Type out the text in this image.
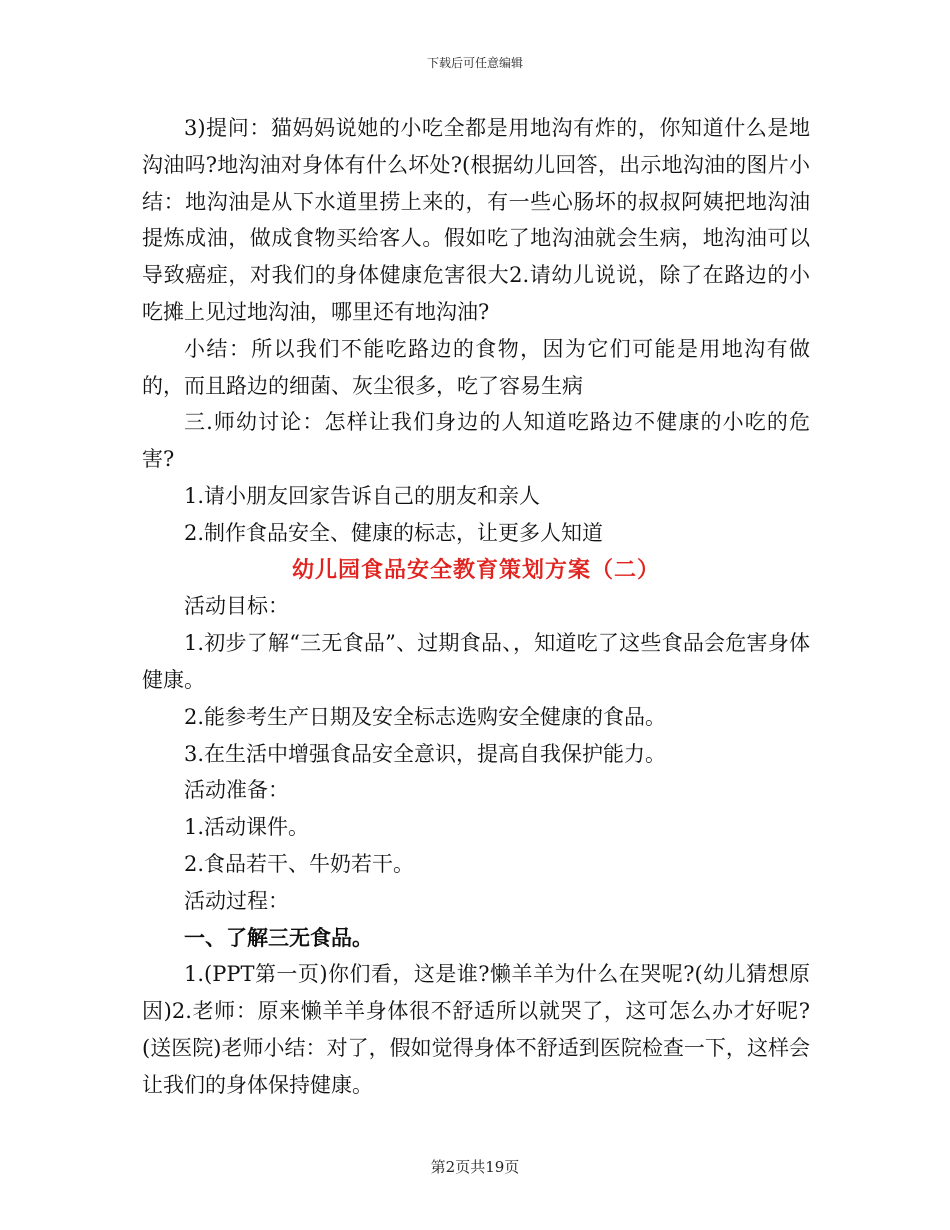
下载后可任意编辑

3)提问：猫妈妈说她的小吃全都是用地沟有炸的，你知道什么是地沟油吗?地沟油对身体有什么坏处?(根据幼儿回答，出示地沟油的图片小结：地沟油是从下水道里捞上来的，有一些心肠坏的叔叔阿姨把地沟油提炼成油，做成食物买给客人。假如吃了地沟油就会生病，地沟油可以导致癌症，对我们的身体健康危害很大2.请幼儿说说，除了在路边的小吃摊上见过地沟油，哪里还有地沟油?

小结：所以我们不能吃路边的食物，因为它们可能是用地沟有做的，而且路边的细菌、灰尘很多，吃了容易生病

三.师幼讨论：怎样让我们身边的人知道吃路边不健康的小吃的危害?

1.请小朋友回家告诉自己的朋友和亲人

2.制作食品安全、健康的标志，让更多人知道

幼儿园食品安全教育策划方案（二）

活动目标：

1.初步了解“三无食品”、过期食品、，知道吃了这些食品会危害身体健康。

2.能参考生产日期及安全标志选购安全健康的食品。

3.在生活中增强食品安全意识，提高自我保护能力。

活动准备：

1.活动课件。

2.食品若干、牛奶若干。

活动过程：

一、了解三无食品。

1.(PPT第一页)你们看，这是谁?懒羊羊为什么在哭呢?(幼儿猜想原因)2.老师：原来懒羊羊身体很不舒适所以就哭了，这可怎么办才好呢?(送医院)老师小结：对了，假如觉得身体不舒适到医院检查一下，这样会让我们的身体保持健康。

第2页共19页
